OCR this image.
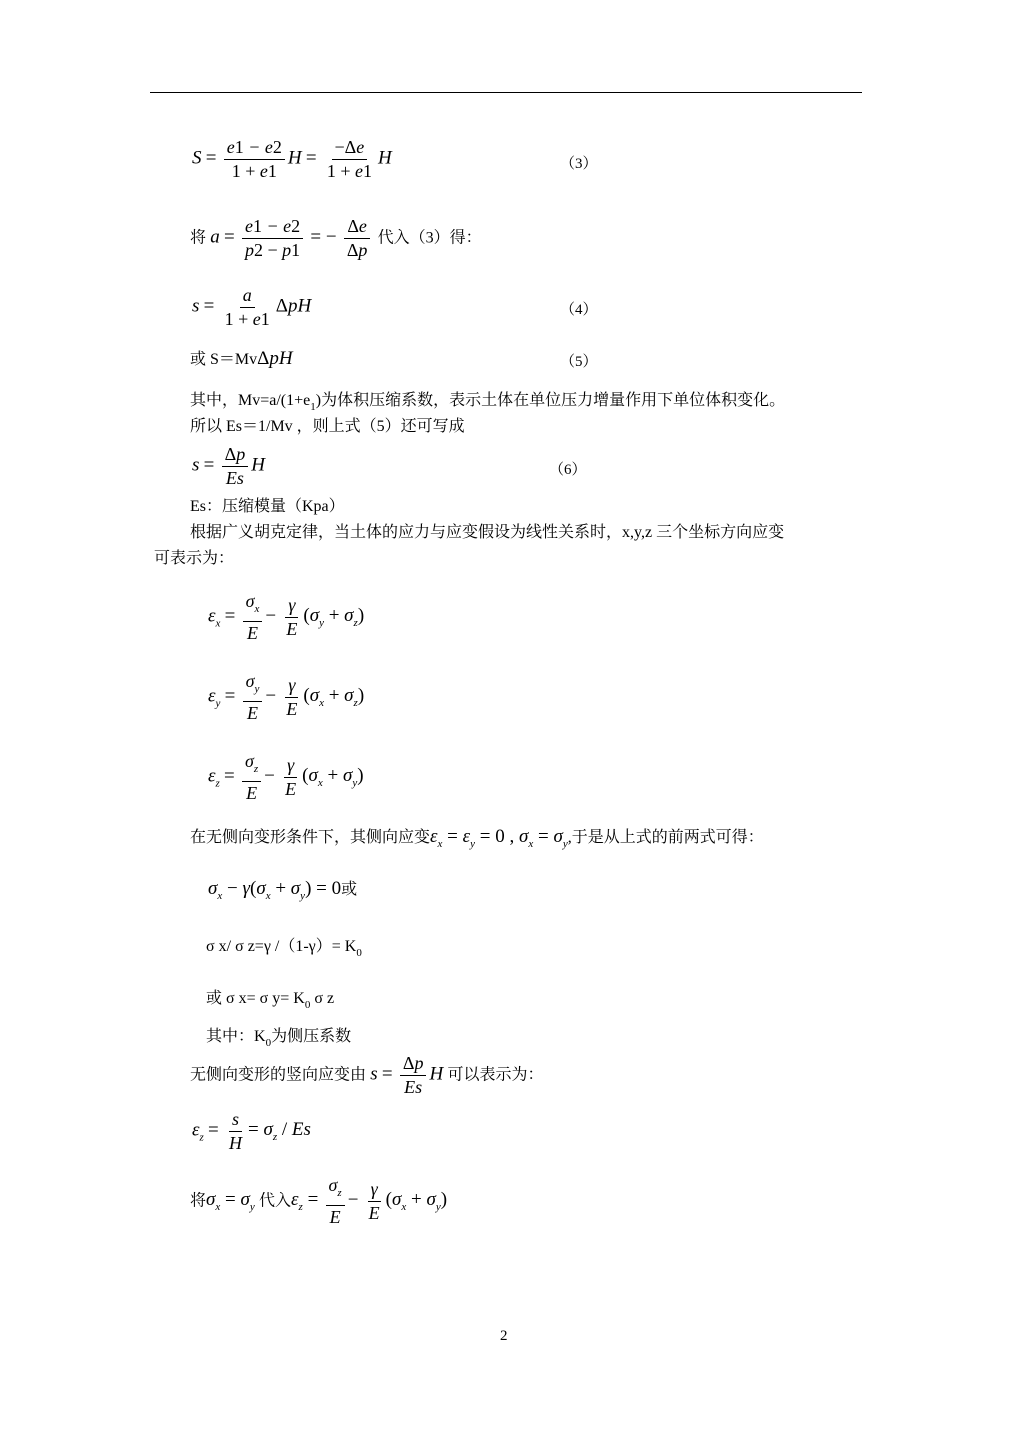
$S = \frac{e1 - e2}{1 + e1}$ $H = \frac{-\Delta e}{1 + e1}$ H	（3）
将 $a = \frac{e1 - e2}{p2 - p1}$ = − $\frac{\Delta e}{\Delta p}$ 代入（3）得：
$s = \frac{a}{1 + e1}$ ΔpH	（4）
或 S＝MvΔpH	（5）
其中，$Mv=a/(1+e_1)$为体积压缩系数，表示土体在单位压力增量作用下单位体积变化。
所以 Es＝1/Mv ，则上式（5）还可写成
$s = \frac{\Delta p}{Es}$ H	（6）
Es：压缩模量（Kpa）
根据广义胡克定律，当土体的应力与应变假设为线性关系时，x,y,z 三个坐标方向应变
可表示为：
$\varepsilon_x = \frac{\sigma_x}{E} - \frac{\gamma}{E} (\sigma_y + \sigma_z)$
$\varepsilon_y = \frac{\sigma_y}{E} - \frac{\gamma}{E} (\sigma_x + \sigma_z)$
$\varepsilon_z = \frac{\sigma_z}{E} - \frac{\gamma}{E} (\sigma_x + \sigma_y)$
在无侧向变形条件下，其侧向应变$\varepsilon_x = \varepsilon_y = 0$ , $\sigma_x = \sigma_y$,于是从上式的前两式可得：
$\sigma_x - \gamma(\sigma_x + \sigma_y) = 0$或
σ x/ σ z=γ $/(1-\gamma)= K_0$
或 σ x= σ $y= K_0$ σ z
其中：$K_0$为侧压系数
无侧向变形的竖向应变由 $s = \frac{\Delta p}{Es}$ H 可以表示为：
$\varepsilon_z = \frac{s}{H} = \sigma_z / Es$
将$\sigma_x = \sigma_y$ 代入$\varepsilon_z = \frac{\sigma_z}{E} - \frac{\gamma}{E} (\sigma_x + \sigma_y)$
2
